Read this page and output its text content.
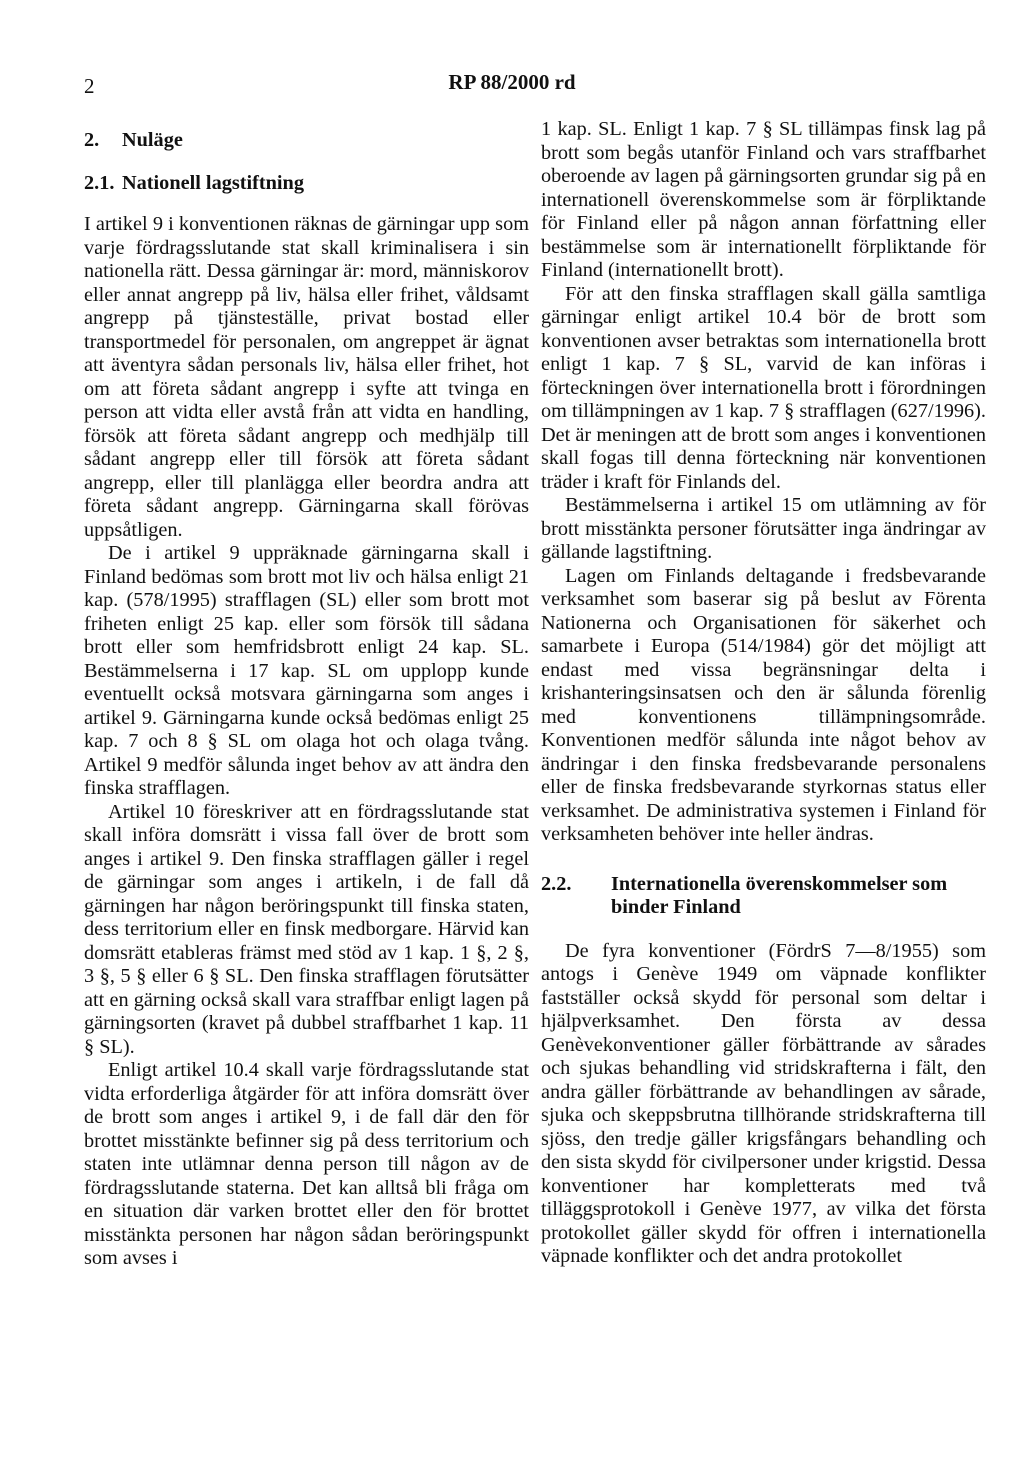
2	RP 88/2000 rd
2. Nuläge
2.1. Nationell lagstiftning

I artikel 9 i konventionen räknas de gärningar upp som varje fördragsslutande stat skall kriminalisera i sin nationella rätt. Dessa gärningar är: mord, människorov eller annat angrepp på liv, hälsa eller frihet, våldsamt angrepp på tjänsteställe, privat bostad eller transportmedel för personalen, om angreppet är ägnat att äventyra sådan personals liv, hälsa eller frihet, hot om att företa sådant angrepp i syfte att tvinga en person att vidta eller avstå från att vidta en handling, försök att företa sådant angrepp och medhjälp till sådant angrepp eller till försök att företa sådant angrepp, eller till planlägga eller beordra andra att företa sådant angrepp. Gärningarna skall förövas uppsåtligen.

De i artikel 9 uppräknade gärningarna skall i Finland bedömas som brott mot liv och hälsa enligt 21 kap. (578/1995) strafflagen (SL) eller som brott mot friheten enligt 25 kap. eller som försök till sådana brott eller som hemfridsbrott enligt 24 kap. SL. Bestämmelserna i 17 kap. SL om upplopp kunde eventuellt också motsvara gärningarna som anges i artikel 9. Gärningarna kunde också bedömas enligt 25 kap. 7 och 8 § SL om olaga hot och olaga tvång. Artikel 9 medför sålunda inget behov av att ändra den finska strafflagen.

Artikel 10 föreskriver att en fördragsslutande stat skall införa domsrätt i vissa fall över de brott som anges i artikel 9. Den finska strafflagen gäller i regel de gärningar som anges i artikeln, i de fall då gärningen har någon beröringspunkt till finska staten, dess territorium eller en finsk medborgare. Härvid kan domsrätt etableras främst med stöd av 1 kap. 1 §, 2 §, 3 §, 5 § eller 6 § SL. Den finska strafflagen förutsätter att en gärning också skall vara straffbar enligt lagen på gärningsorten (kravet på dubbel straffbarhet 1 kap. 11 § SL).

Enligt artikel 10.4 skall varje fördragsslutande stat vidta erforderliga åtgärder för att införa domsrätt över de brott som anges i artikel 9, i de fall där den för brottet misstänkte befinner sig på dess territorium och staten inte utlämnar denna person till någon av de fördragsslutande staterna. Det kan alltså bli fråga om en situation där varken brottet eller den för brottet misstänkta personen har någon sådan beröringspunkt som avses i

1 kap. SL. Enligt 1 kap. 7 § SL tillämpas finsk lag på brott som begås utanför Finland och vars straffbarhet oberoende av lagen på gärningsorten grundar sig på en internationell överenskommelse som är förpliktande för Finland eller på någon annan författning eller bestämmelse som är internationellt förpliktande för Finland (internationellt brott).

För att den finska strafflagen skall gälla samtliga gärningar enligt artikel 10.4 bör de brott som konventionen avser betraktas som internationella brott enligt 1 kap. 7 § SL, varvid de kan införas i förteckningen över internationella brott i förordningen om tillämpningen av 1 kap. 7 § strafflagen (627/1996). Det är meningen att de brott som anges i konventionen skall fogas till denna förteckning när konventionen träder i kraft för Finlands del.

Bestämmelserna i artikel 15 om utlämning av för brott misstänkta personer förutsätter inga ändringar av gällande lagstiftning.

Lagen om Finlands deltagande i fredsbevarande verksamhet som baserar sig på beslut av Förenta Nationerna och Organisationen för säkerhet och samarbete i Europa (514/1984) gör det möjligt att endast med vissa begränsningar delta i krishanteringsinsatsen och den är sålunda förenlig med konventionens tillämpningsområde. Konventionen medför sålunda inte något behov av ändringar i den finska fredsbevarande personalens eller de finska fredsbevarande styrkornas status eller verksamhet. De administrativa systemen i Finland för verksamheten behöver inte heller ändras.

2.2.	Internationella överenskommelser som binder Finland

De fyra konventioner (FördrS 7—8/1955) som antogs i Genève 1949 om väpnade konflikter fastställer också skydd för personal som deltar i hjälpverksamhet. Den första av dessa Genèvekonventioner gäller förbättrande av sårades och sjukas behandling vid stridskrafterna i fält, den andra gäller förbättrande av behandlingen av sårade, sjuka och skeppsbrutna tillhörande stridskrafterna till sjöss, den tredje gäller krigsfångars behandling och den sista skydd för civilpersoner under krigstid. Dessa konventioner har kompletterats med två tilläggsprotokoll i Genève 1977, av vilka det första protokollet gäller skydd för offren i internationella väpnade konflikter och det andra protokollet
